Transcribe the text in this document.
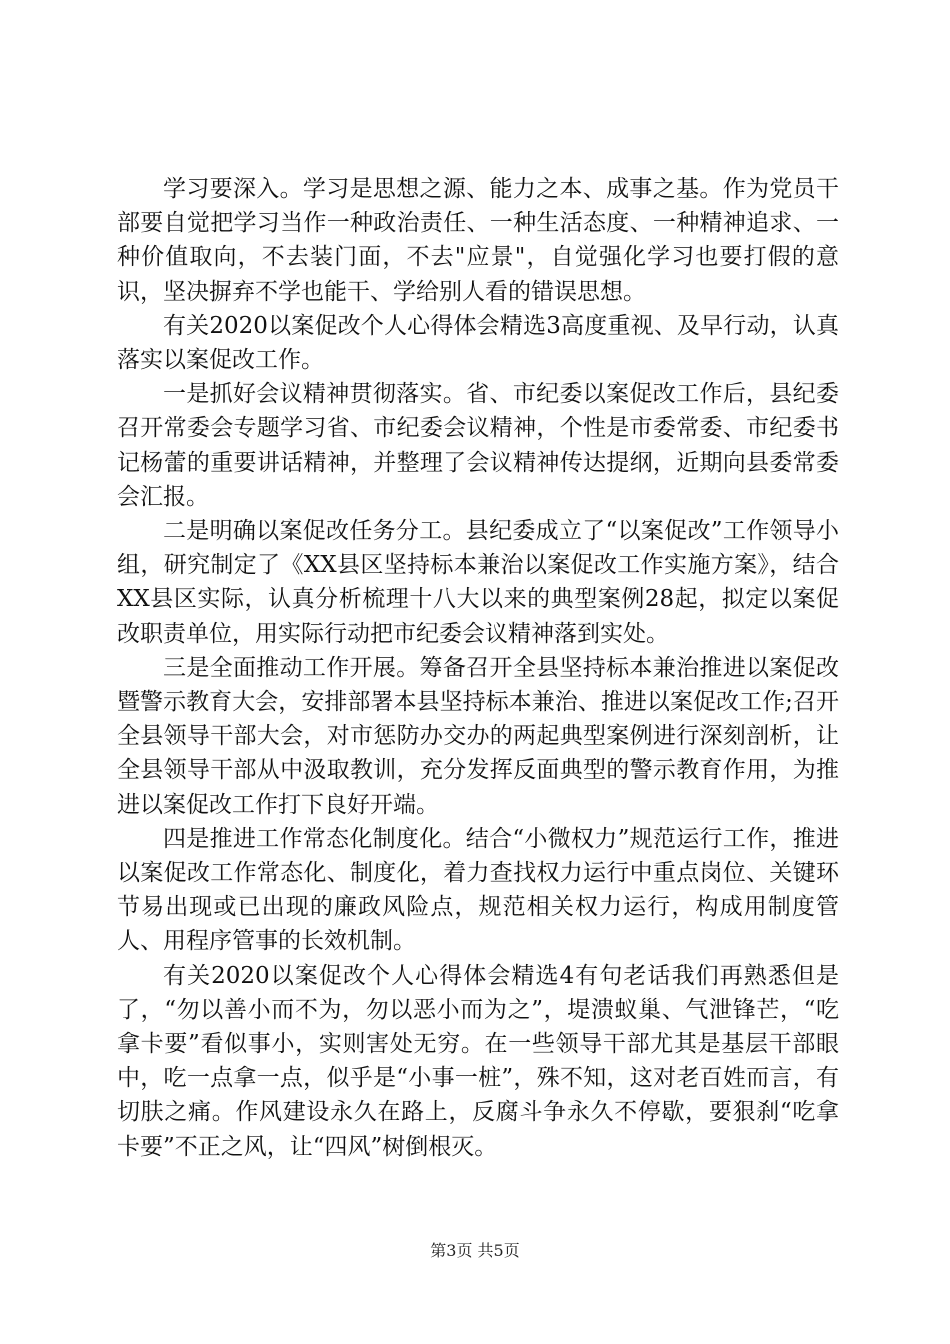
学习要深入。学习是思想之源、能力之本、成事之基。作为党员干部要自觉把学习当作一种政治责任、一种生活态度、一种精神追求、一种价值取向，不去装门面，不去"应景"，自觉强化学习也要打假的意识，坚决摒弃不学也能干、学给别人看的错误思想。

有关2020以案促改个人心得体会精选3高度重视、及早行动，认真落实以案促改工作。

一是抓好会议精神贯彻落实。省、市纪委以案促改工作后，县纪委召开常委会专题学习省、市纪委会议精神，个性是市委常委、市纪委书记杨蕾的重要讲话精神，并整理了会议精神传达提纲，近期向县委常委会汇报。

二是明确以案促改任务分工。县纪委成立了“以案促改”工作领导小组，研究制定了《XX县区坚持标本兼治以案促改工作实施方案》，结合XX县区实际，认真分析梳理十八大以来的典型案例28起，拟定以案促改职责单位，用实际行动把市纪委会议精神落到实处。

三是全面推动工作开展。筹备召开全县坚持标本兼治推进以案促改暨警示教育大会，安排部署本县坚持标本兼治、推进以案促改工作;召开全县领导干部大会，对市惩防办交办的两起典型案例进行深刻剖析，让全县领导干部从中汲取教训，充分发挥反面典型的警示教育作用，为推进以案促改工作打下良好开端。

四是推进工作常态化制度化。结合“小微权力”规范运行工作，推进以案促改工作常态化、制度化，着力查找权力运行中重点岗位、关键环节易出现或已出现的廉政风险点，规范相关权力运行，构成用制度管人、用程序管事的长效机制。

有关2020以案促改个人心得体会精选4有句老话我们再熟悉但是了，“勿以善小而不为，勿以恶小而为之”，堤溃蚁巢、气泄锋芒，“吃拿卡要”看似事小，实则害处无穷。在一些领导干部尤其是基层干部眼中，吃一点拿一点，似乎是“小事一桩”，殊不知，这对老百姓而言，有切肤之痛。作风建设永久在路上，反腐斗争永久不停歇，要狠刹“吃拿卡要”不正之风，让“四风”树倒根灭。

第3页 共5页
